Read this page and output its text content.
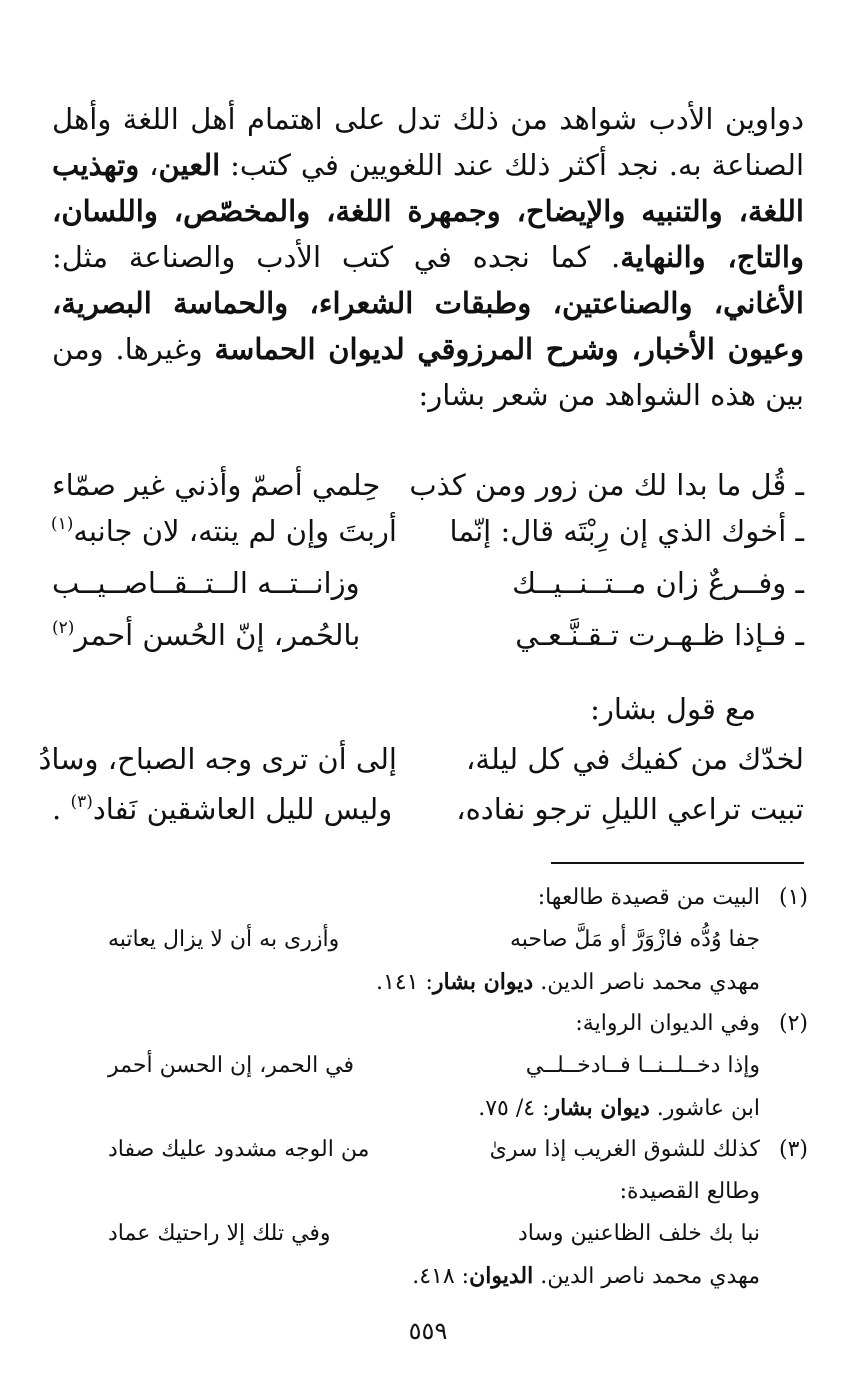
دواوين الأدب شواهد من ذلك تدل على اهتمام أهل اللغة وأهل الصناعة به. نجد أكثر ذلك عند اللغويين في كتب: العين، وتهذيب اللغة، والتنبيه والإيضاح، وجمهرة اللغة، والمخصّص، واللسان، والتاج، والنهاية. كما نجده في كتب الأدب والصناعة مثل: الأغاني، والصناعتين، وطبقات الشعراء، والحماسة البصرية، وعيون الأخبار، وشرح المرزوقي لديوان الحماسة وغيرها. ومن بين هذه الشواهد من شعر بشار:

ـ قُل ما بدا لك من زور ومن كذب
حِلمي أصمّ وأذني غير صمّاء
ـ أخوك الذي إن رِبْتَه قال: إنّما
أربتَ وإن لم ينته، لان جانبه$^{(١)}$
ـ وفــرعٌ زان مــتــنــيــك
وزانــتــه الــتــقــاصــيــب
ـ فـإذا ظـهـرت تـقـنَّـعـي
بالحُمر، إنّ الحُسن أحمر$^{(٢)}$
مع قول بشار:
لخدّك من كفيك في كل ليلة،
إلى أن ترى وجه الصباح، وسادُ
تبيت تراعي الليلِ ترجو نفاده،
وليس لليل العاشقين نَفاد$^{(٣)}$ .
(١)
البيت من قصيدة طالعها:
جفا وُدُّه فازْوَرَّ أو مَلَّ صاحبه
وأزرى به أن لا يزال يعاتبه
مهدي محمد ناصر الدين. ديوان بشار: ١٤١.
(٢)
وفي الديوان الرواية:
وإذا دخــلــنــا فــادخــلــي
في الحمر، إن الحسن أحمر
ابن عاشور. ديوان بشار: ٤/ ٧٥.
(٣)
كذلك للشوق الغريب إذا سرىٰ
من الوجه مشدود عليك صفاد
وطالع القصيدة:
نبا بك خلف الظاعنين وساد
وفي تلك إلا راحتيك عماد
مهدي محمد ناصر الدين. الديوان: ٤١٨.
٥٥٩
